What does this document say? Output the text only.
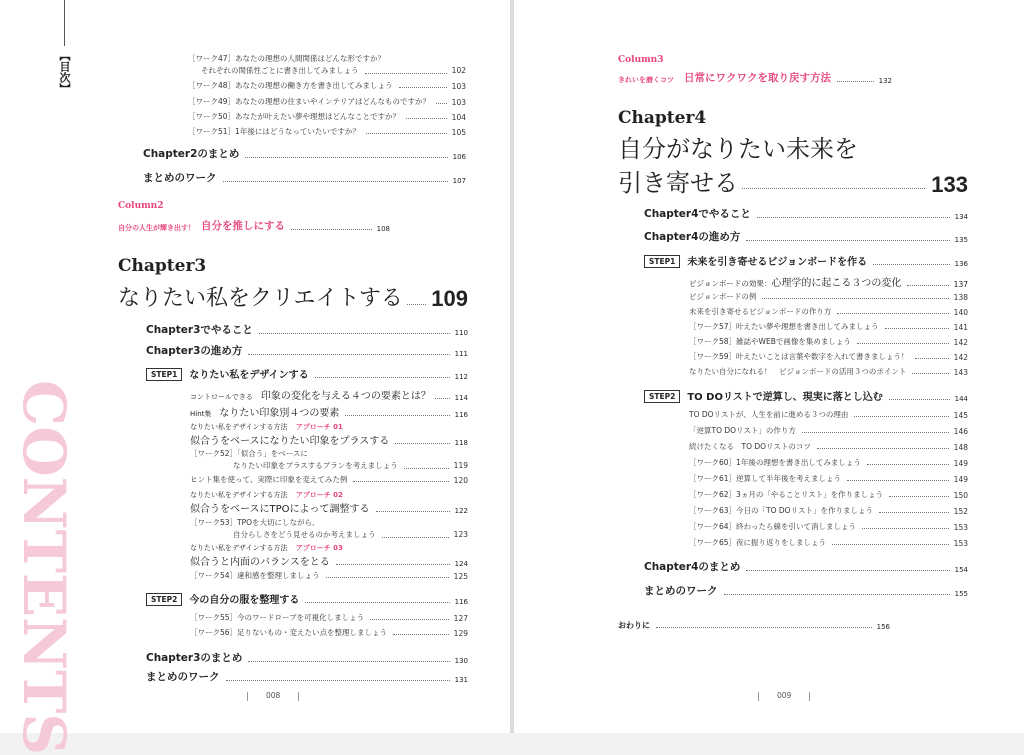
【目次】
CONTENTS
［ワーク47］あなたの理想の人間関係はどんな形ですか？
それぞれの関係性ごとに書き出してみましょう	102
［ワーク48］あなたの理想の働き方を書き出してみましょう	103
［ワーク49］あなたの理想の住まいやインテリアはどんなものですか？	103
［ワーク50］あなたが叶えたい夢や理想はどんなことですか？	104
［ワーク51］1年後にはどうなっていたいですか？	105
Chapter2のまとめ	106
まとめのワーク	107
Column2
自分の人生が輝き出す！ 自分を推しにする	108
Chapter3
なりたい私をクリエイトする 109
Chapter3でやること	110
Chapter3の進め方	111
STEP1	なりたい私をデザインする	112
コントロールできる 印象の変化を与える４つの要素とは？	114
Hint集 なりたい印象別４つの要素	116
なりたい私をデザインする方法 アプローチ 01
似合うをベースになりたい印象をプラスする	118
［ワーク52］「似合う」をベースに
なりたい印象をプラスするプランを考えましょう	119
ヒント集を使って、実際に印象を変えてみた例	120
なりたい私をデザインする方法 アプローチ 02
似合うをベースにTPOによって調整する	122
［ワーク53］TPOを大切にしながら、
自分らしさをどう見せるのか考えましょう	123
なりたい私をデザインする方法 アプローチ 03
似合うと内面のバランスをとる	124
［ワーク54］違和感を整理しましょう	125
STEP2	今の自分の服を整理する	116
［ワーク55］今のワードローブを可視化しましょう	127
［ワーク56］足りないもの・変えたい点を整理しましょう	129
Chapter3のまとめ	130
まとめのワーク	131
008
Column3
きれいを磨くコツ 日常にワクワクを取り戻す方法	132
Chapter4
自分がなりたい未来を
引き寄せる	133
Chapter4でやること	134
Chapter4の進め方	135
STEP1	未来を引き寄せるビジョンボードを作る	136
ビジョンボードの効果： 心理学的に起こる３つの変化	137
ビジョンボードの例	138
未来を引き寄せるビジョンボードの作り方	140
［ワーク57］叶えたい夢や理想を書き出してみましょう	141
［ワーク58］雑誌やWEBで画像を集めましょう	142
［ワーク59］叶えたいことは言葉や数字を入れて書きましょう！	142
なりたい自分になれる！　ビジョンボードの活用３つのポイント	143
STEP2	TO DOリストで逆算し、現実に落とし込む	144
TO DOリストが、人生を前に進める３つの理由	145
「逆算TO DOリスト」の作り方	146
続けたくなる　TO DOリストのコツ	148
［ワーク60］1年後の理想を書き出してみましょう	149
［ワーク61］逆算して半年後を考えましょう	149
［ワーク62］3ヵ月の「やることリスト」を作りましょう	150
［ワーク63］今日の「TO DOリスト」を作りましょう	152
［ワーク64］終わったら線を引いて消しましょう	153
［ワーク65］夜に振り返りをしましょう	153
Chapter4のまとめ	154
まとめのワーク	155
おわりに	156
009
